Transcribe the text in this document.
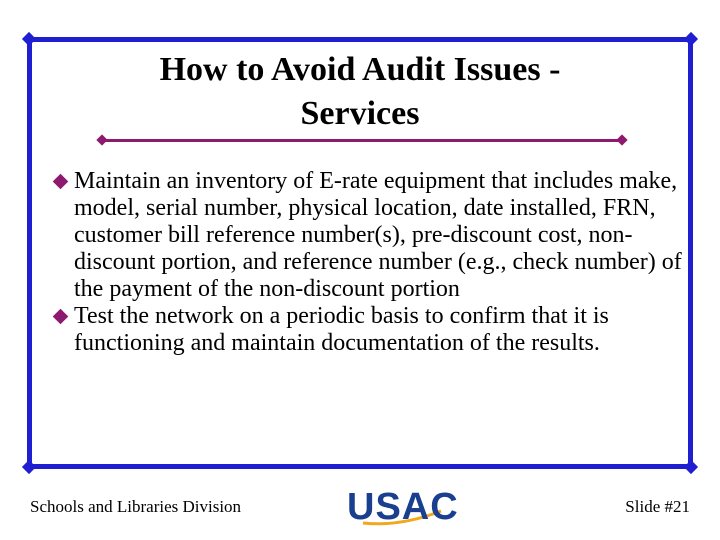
How to Avoid Audit Issues -
Services

Maintain an inventory of E-rate equipment that includes make, model, serial number, physical location, date installed, FRN, customer bill reference number(s), pre-discount cost, non-discount portion, and reference number (e.g., check number) of the payment of the non-discount portion

Test the network on a periodic basis to confirm that it is functioning and maintain documentation of the results.

Schools and Libraries Division	USAC	Slide #21
